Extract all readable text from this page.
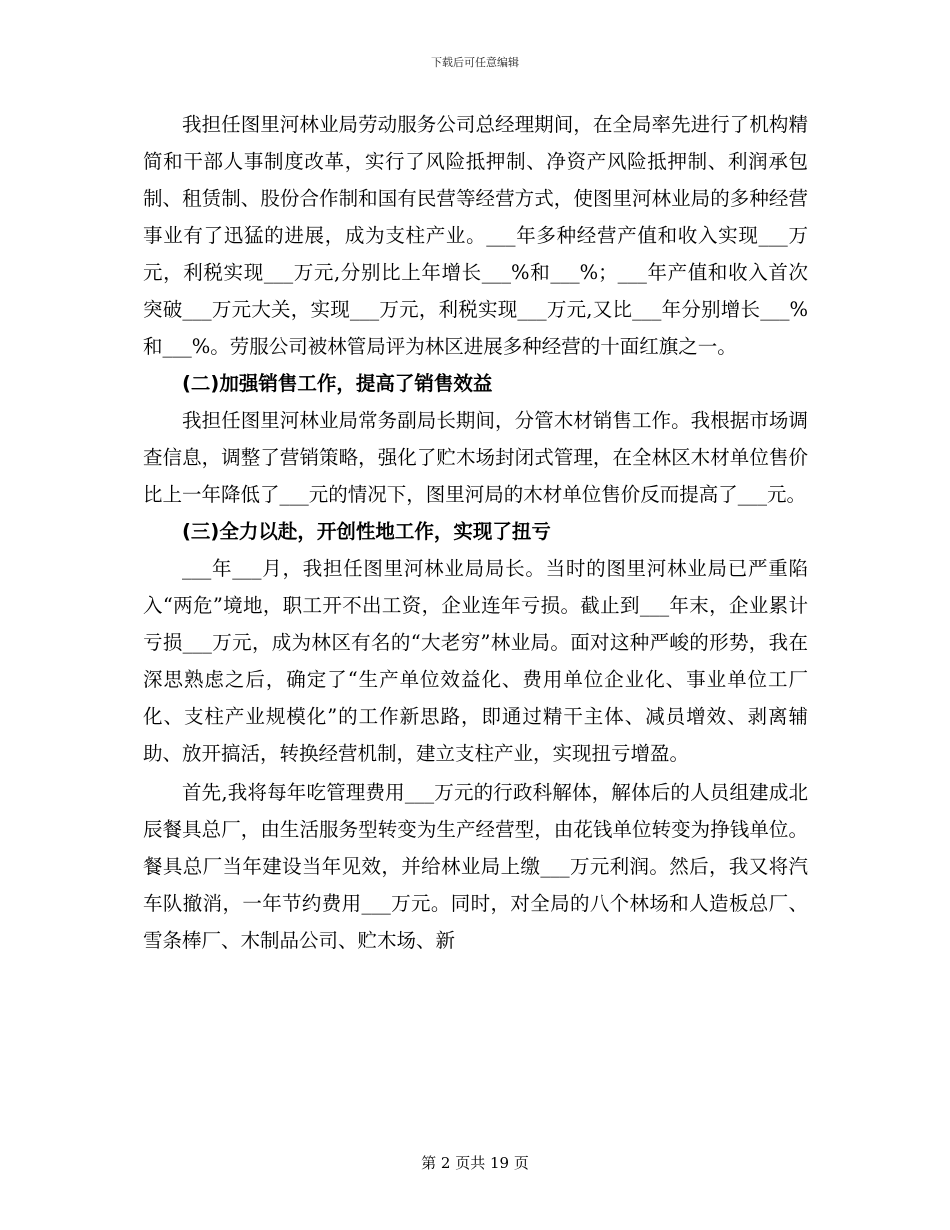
下载后可任意编辑

我担任图里河林业局劳动服务公司总经理期间，在全局率先进行了机构精简和干部人事制度改革，实行了风险抵押制、净资产风险抵押制、利润承包制、租赁制、股份合作制和国有民营等经营方式，使图里河林业局的多种经营事业有了迅猛的进展，成为支柱产业。___年多种经营产值和收入实现___万元，利税实现___万元,分别比上年增长___%和___%；___年产值和收入首次突破___万元大关，实现___万元，利税实现___万元,又比___年分别增长___%和___%。劳服公司被林管局评为林区进展多种经营的十面红旗之一。

(二)加强销售工作，提高了销售效益

我担任图里河林业局常务副局长期间，分管木材销售工作。我根据市场调查信息，调整了营销策略，强化了贮木场封闭式管理，在全林区木材单位售价比上一年降低了___元的情况下，图里河局的木材单位售价反而提高了___元。

(三)全力以赴，开创性地工作，实现了扭亏

___年___月，我担任图里河林业局局长。当时的图里河林业局已严重陷入“两危”境地，职工开不出工资，企业连年亏损。截止到___年末，企业累计亏损___万元，成为林区有名的“大老穷”林业局。面对这种严峻的形势，我在深思熟虑之后，确定了“生产单位效益化、费用单位企业化、事业单位工厂化、支柱产业规模化”的工作新思路，即通过精干主体、减员增效、剥离辅助、放开搞活，转换经营机制，建立支柱产业，实现扭亏增盈。

首先,我将每年吃管理费用___万元的行政科解体，解体后的人员组建成北辰餐具总厂，由生活服务型转变为生产经营型，由花钱单位转变为挣钱单位。餐具总厂当年建设当年见效，并给林业局上缴___万元利润。然后，我又将汽车队撤消，一年节约费用___万元。同时，对全局的八个林场和人造板总厂、雪条棒厂、木制品公司、贮木场、新

第 2 页共 19 页
